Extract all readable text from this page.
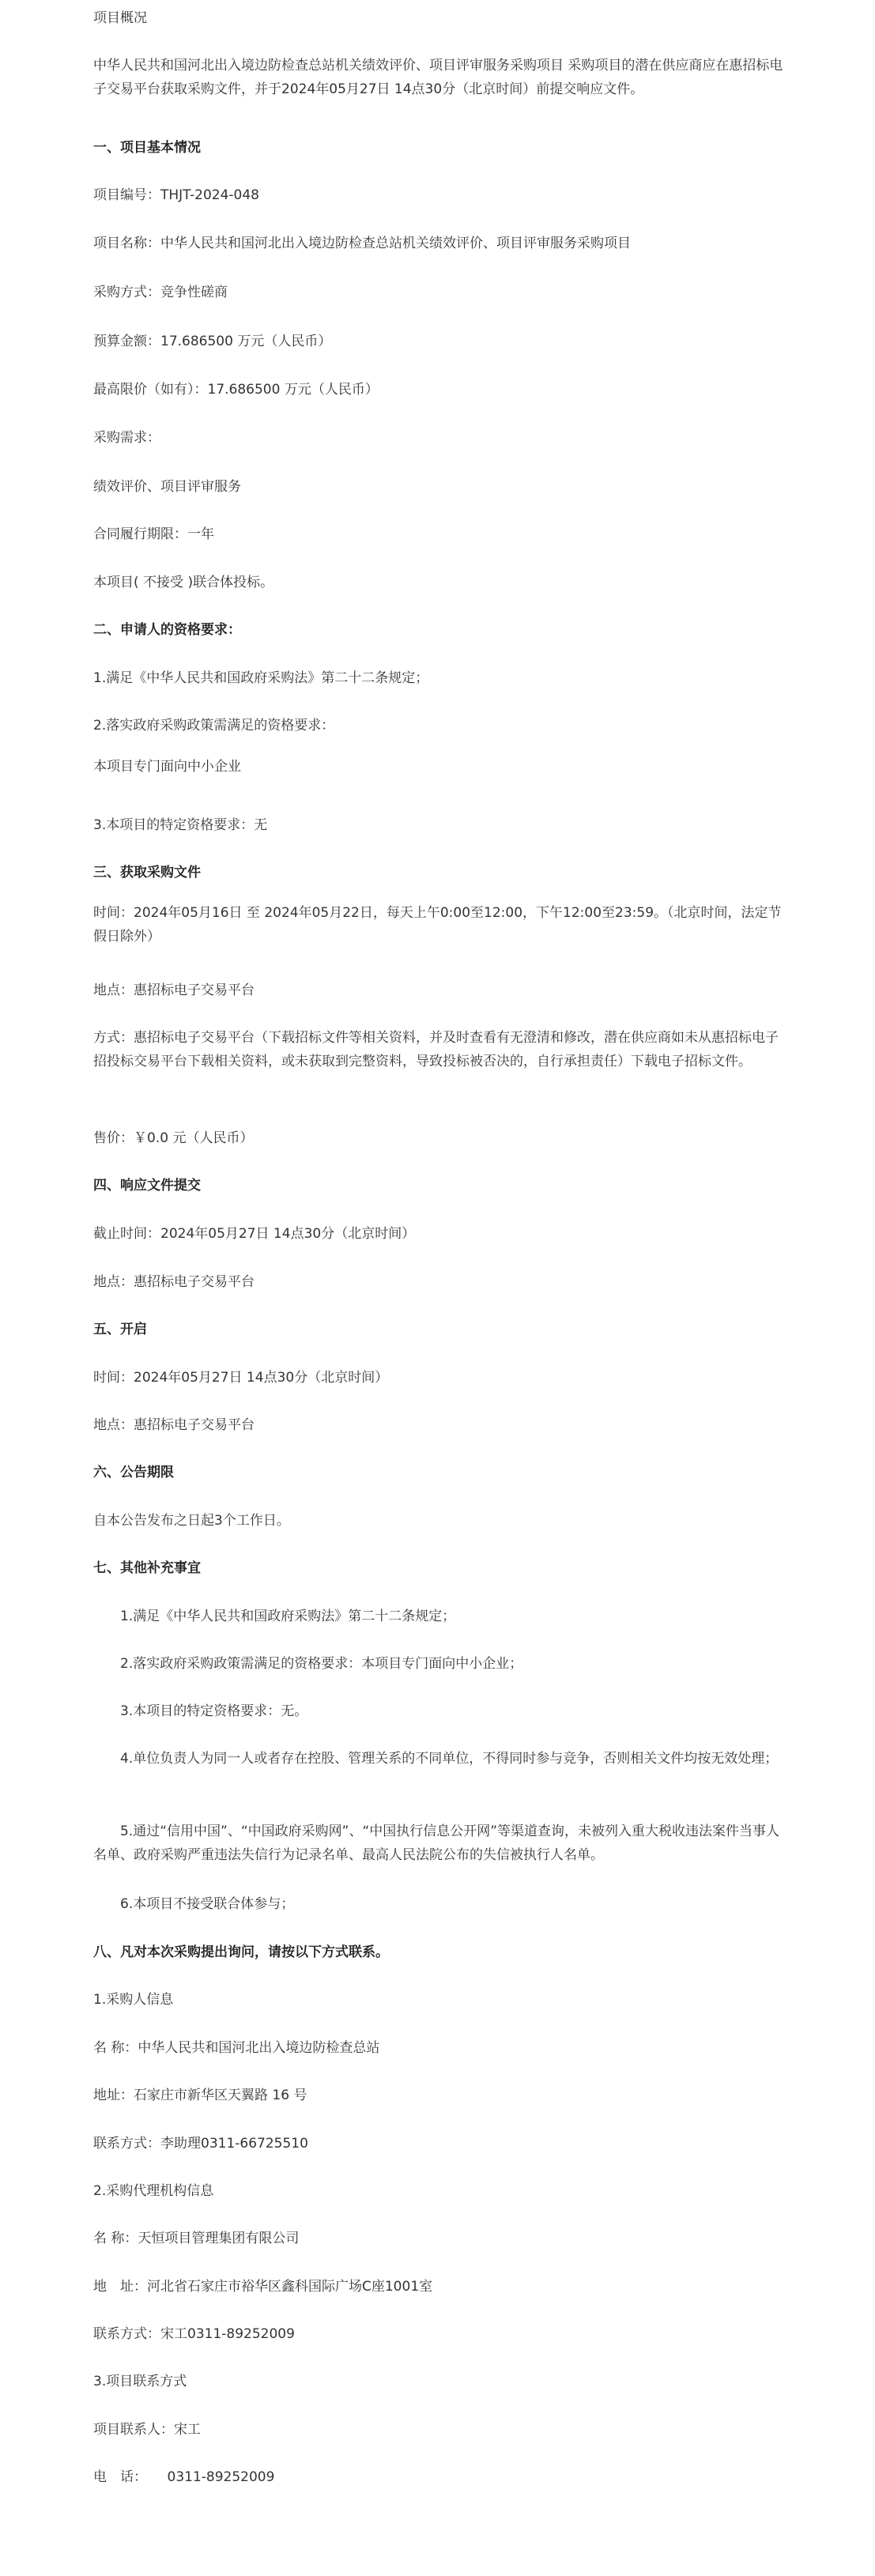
项目概况

中华人民共和国河北出入境边防检查总站机关绩效评价、项目评审服务采购项目 采购项目的潜在供应商应在惠招标电子交易平台获取采购文件，并于2024年05月27日 14点30分（北京时间）前提交响应文件。

一、项目基本情况

项目编号：THJT-2024-048

项目名称：中华人民共和国河北出入境边防检查总站机关绩效评价、项目评审服务采购项目

采购方式：竞争性磋商

预算金额：17.686500 万元（人民币）

最高限价（如有）：17.686500 万元（人民币）

采购需求：

绩效评价、项目评审服务

合同履行期限：一年

本项目( 不接受 )联合体投标。

二、申请人的资格要求：

1.满足《中华人民共和国政府采购法》第二十二条规定；

2.落实政府采购政策需满足的资格要求：

本项目专门面向中小企业

3.本项目的特定资格要求：无

三、获取采购文件

时间：2024年05月16日 至 2024年05月22日，每天上午0:00至12:00，下午12:00至23:59。（北京时间，法定节假日除外）

地点：惠招标电子交易平台

方式：惠招标电子交易平台（下载招标文件等相关资料，并及时查看有无澄清和修改，潜在供应商如未从惠招标电子招投标交易平台下载相关资料，或未获取到完整资料，导致投标被否决的，自行承担责任）下载电子招标文件。

售价：￥0.0 元（人民币）

四、响应文件提交

截止时间：2024年05月27日 14点30分（北京时间）

地点：惠招标电子交易平台

五、开启

时间：2024年05月27日 14点30分（北京时间）

地点：惠招标电子交易平台

六、公告期限

自本公告发布之日起3个工作日。

七、其他补充事宜

1.满足《中华人民共和国政府采购法》第二十二条规定；

2.落实政府采购政策需满足的资格要求：本项目专门面向中小企业；

3.本项目的特定资格要求：无。

4.单位负责人为同一人或者存在控股、管理关系的不同单位，不得同时参与竞争，否则相关文件均按无效处理；

5.通过“信用中国”、“中国政府采购网”、“中国执行信息公开网”等渠道查询，未被列入重大税收违法案件当事人名单、政府采购严重违法失信行为记录名单、最高人民法院公布的失信被执行人名单。

6.本项目不接受联合体参与；

八、凡对本次采购提出询问，请按以下方式联系。

1.采购人信息

名 称：中华人民共和国河北出入境边防检查总站

地址：石家庄市新华区天翼路 16 号

联系方式：李助理0311-66725510

2.采购代理机构信息

名 称：天恒项目管理集团有限公司

地　址：河北省石家庄市裕华区鑫科国际广场C座1001室

联系方式：宋工0311-89252009

3.项目联系方式

项目联系人：宋工

电　话：　　0311-89252009
